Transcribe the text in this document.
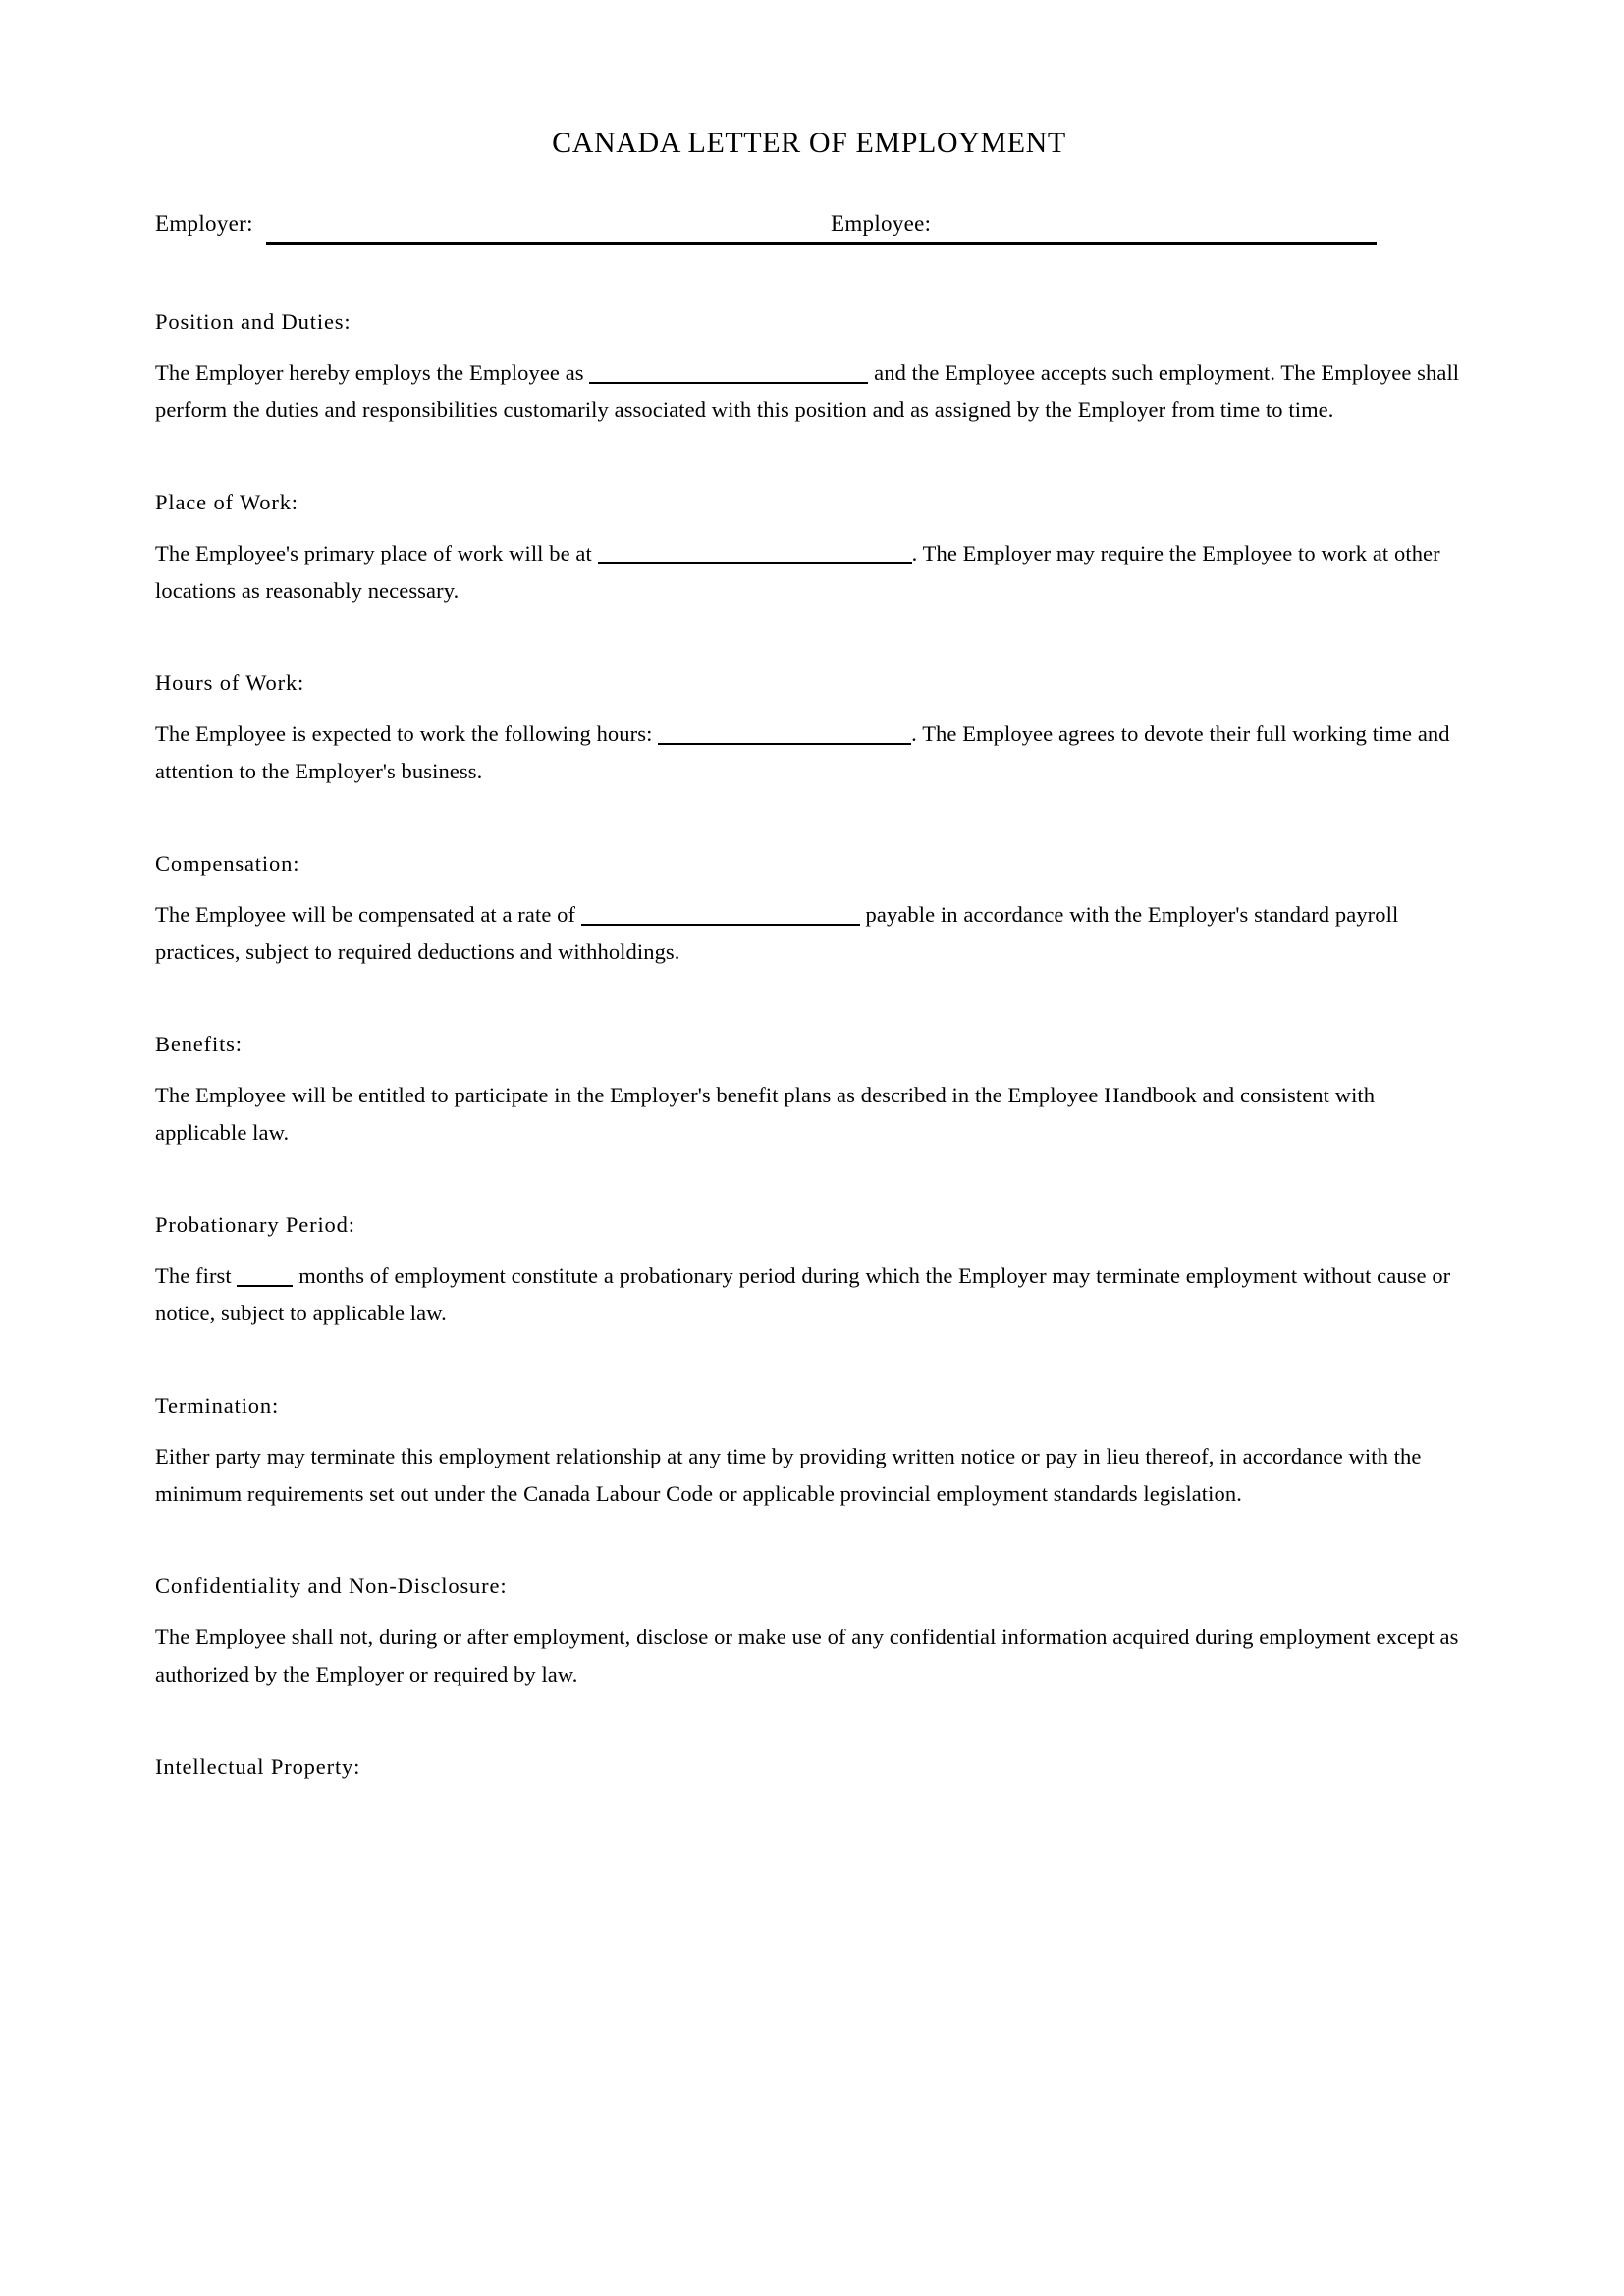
CANADA LETTER OF EMPLOYMENT
Employer:	Employee:
Position and Duties:

The Employer hereby employs the Employee as	and the Employee accepts such employment. The Employee shall perform the duties and responsibilities customarily associated with this position and as assigned by the Employer from time to time.

Place of Work:

The Employee's primary place of work will be at	. The Employer may require the Employee to work at other locations as reasonably necessary.

Hours of Work:

The Employee is expected to work the following hours:	. The Employee agrees to devote their full working time and attention to the Employer's business.

Compensation:

The Employee will be compensated at a rate of	payable in accordance with the Employer's standard payroll practices, subject to required deductions and withholdings.

Benefits:

The Employee will be entitled to participate in the Employer's benefit plans as described in the Employee Handbook and consistent with applicable law.

Probationary Period:

The first	months of employment constitute a probationary period during which the Employer may terminate employment without cause or notice, subject to applicable law.

Termination:

Either party may terminate this employment relationship at any time by providing written notice or pay in lieu thereof, in accordance with the minimum requirements set out under the Canada Labour Code or applicable provincial employment standards legislation.

Confidentiality and Non-Disclosure:

The Employee shall not, during or after employment, disclose or make use of any confidential information acquired during employment except as authorized by the Employer or required by law.

Intellectual Property:
